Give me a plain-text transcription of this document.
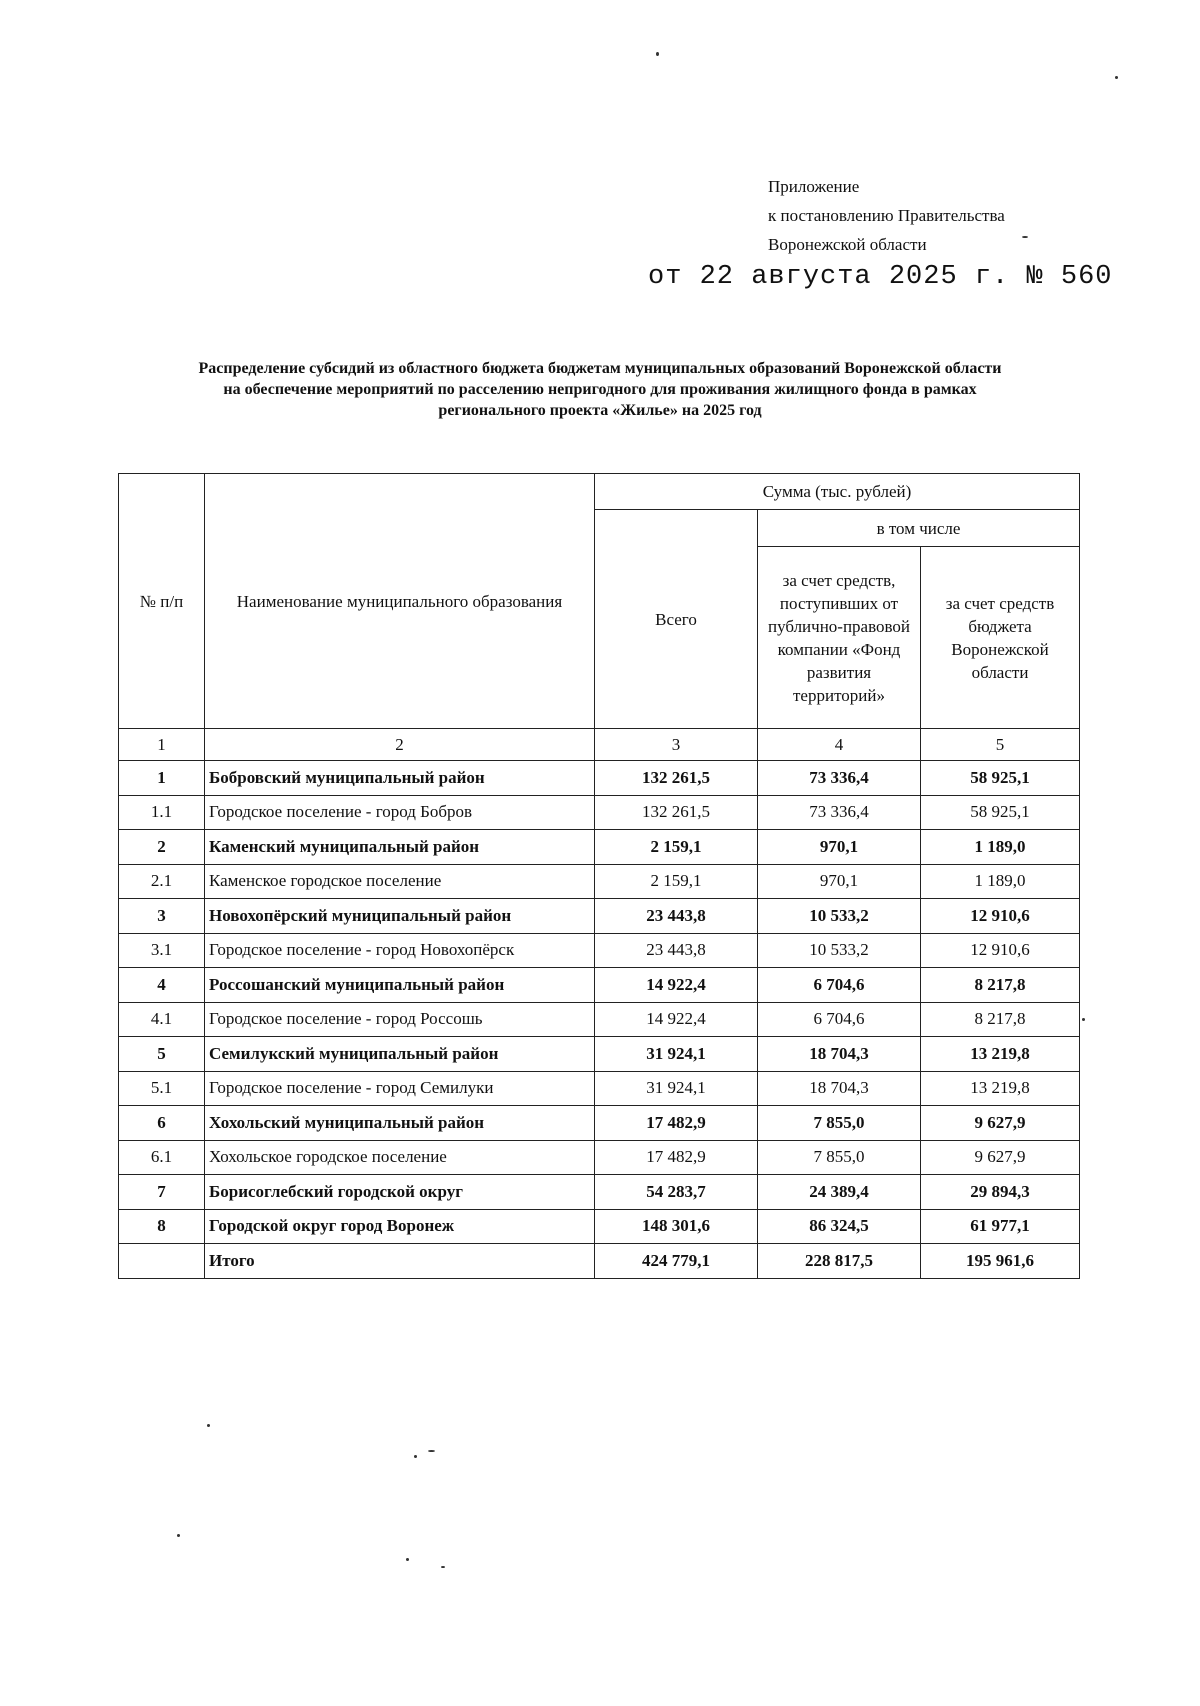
Приложение
к постановлению Правительства
Воронежской области
от 22 августа 2025 г. № 560
Распределение субсидий из областного бюджета бюджетам муниципальных образований Воронежской области
на обеспечение мероприятий по расселению непригодного для проживания жилищного фонда в рамках
регионального проекта «Жилье» на 2025 год
№ п/п	Наименование муниципального образования	Сумма (тыс. рублей)		
		Всего	в том числе	
			за счет средств, поступивших от публично-правовой компании «Фонд развития территорий»	за счет средств бюджета Воронежской области
1	2	3	4	5
1	Бобровский муниципальный район	132 261,5	73 336,4	58 925,1
1.1	Городское поселение - город Бобров	132 261,5	73 336,4	58 925,1
2	Каменский муниципальный район	2 159,1	970,1	1 189,0
2.1	Каменское городское поселение	2 159,1	970,1	1 189,0
3	Новохопёрский муниципальный район	23 443,8	10 533,2	12 910,6
3.1	Городское поселение - город Новохопёрск	23 443,8	10 533,2	12 910,6
4	Россошанский муниципальный район	14 922,4	6 704,6	8 217,8
4.1	Городское поселение - город Россошь	14 922,4	6 704,6	8 217,8
5	Семилукский муниципальный район	31 924,1	18 704,3	13 219,8
5.1	Городское поселение - город Семилуки	31 924,1	18 704,3	13 219,8
6	Хохольский муниципальный район	17 482,9	7 855,0	9 627,9
6.1	Хохольское городское поселение	17 482,9	7 855,0	9 627,9
7	Борисоглебский городской округ	54 283,7	24 389,4	29 894,3
8	Городской округ город Воронеж	148 301,6	86 324,5	61 977,1
	Итого	424 779,1	228 817,5	195 961,6
